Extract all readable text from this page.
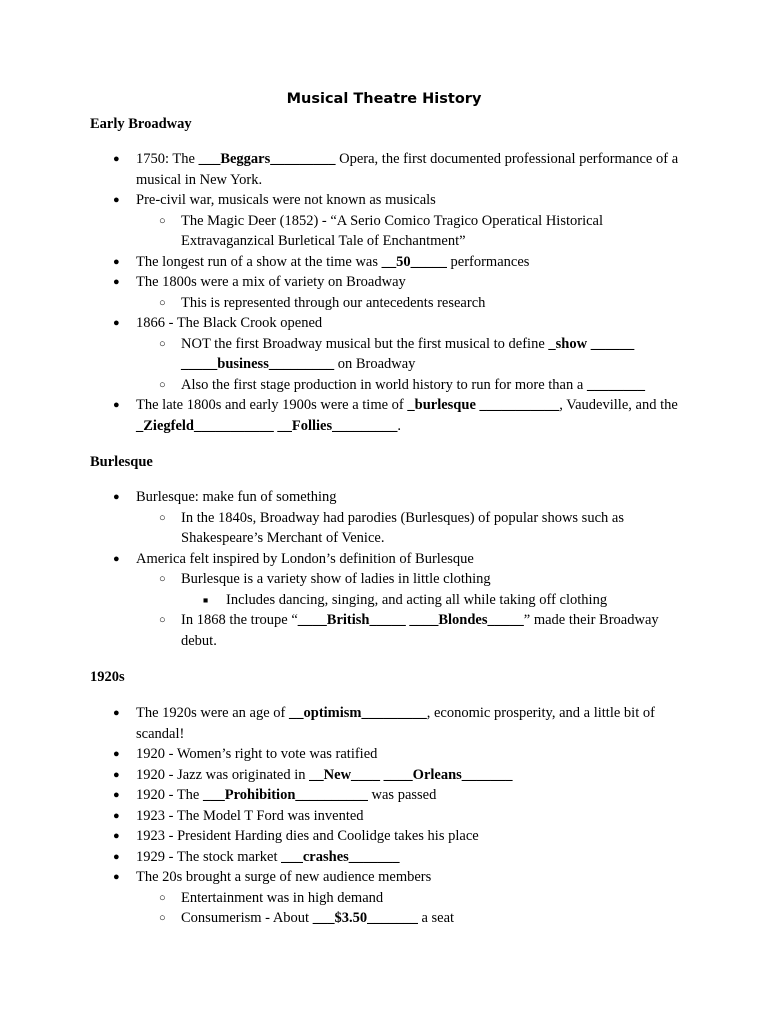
Musical Theatre History
Early Broadway
● 1750: The ___Beggars_________ Opera, the first documented professional performance of a musical in New York.
● Pre-civil war, musicals were not known as musicals
○ The Magic Deer (1852) - “A Serio Comico Tragico Operatical Historical Extravaganzical Burletical Tale of Enchantment”
● The longest run of a show at the time was __50_____ performances
● The 1800s were a mix of variety on Broadway
○ This is represented through our antecedents research
● 1866 - The Black Crook opened
○ NOT the first Broadway musical but the first musical to define _show ______ _____business_________ on Broadway
○ Also the first stage production in world history to run for more than a ________
● The late 1800s and early 1900s were a time of _burlesque ___________, Vaudeville, and the _Ziegfeld___________ __Follies_________.
Burlesque
● Burlesque: make fun of something
○ In the 1840s, Broadway had parodies (Burlesques) of popular shows such as Shakespeare’s Merchant of Venice.
● America felt inspired by London’s definition of Burlesque
○ Burlesque is a variety show of ladies in little clothing
■ Includes dancing, singing, and acting all while taking off clothing
○ In 1868 the troupe “____British_____ ____Blondes_____” made their Broadway debut.
1920s
● The 1920s were an age of __optimism_________, economic prosperity, and a little bit of scandal!
● 1920 - Women’s right to vote was ratified
● 1920 - Jazz was originated in __New____ ____Orleans_______
● 1920 - The ___Prohibition__________ was passed
● 1923 - The Model T Ford was invented
● 1923 - President Harding dies and Coolidge takes his place
● 1929 - The stock market ___crashes_______
● The 20s brought a surge of new audience members
○ Entertainment was in high demand
○ Consumerism - About ___$3.50_______ a seat
